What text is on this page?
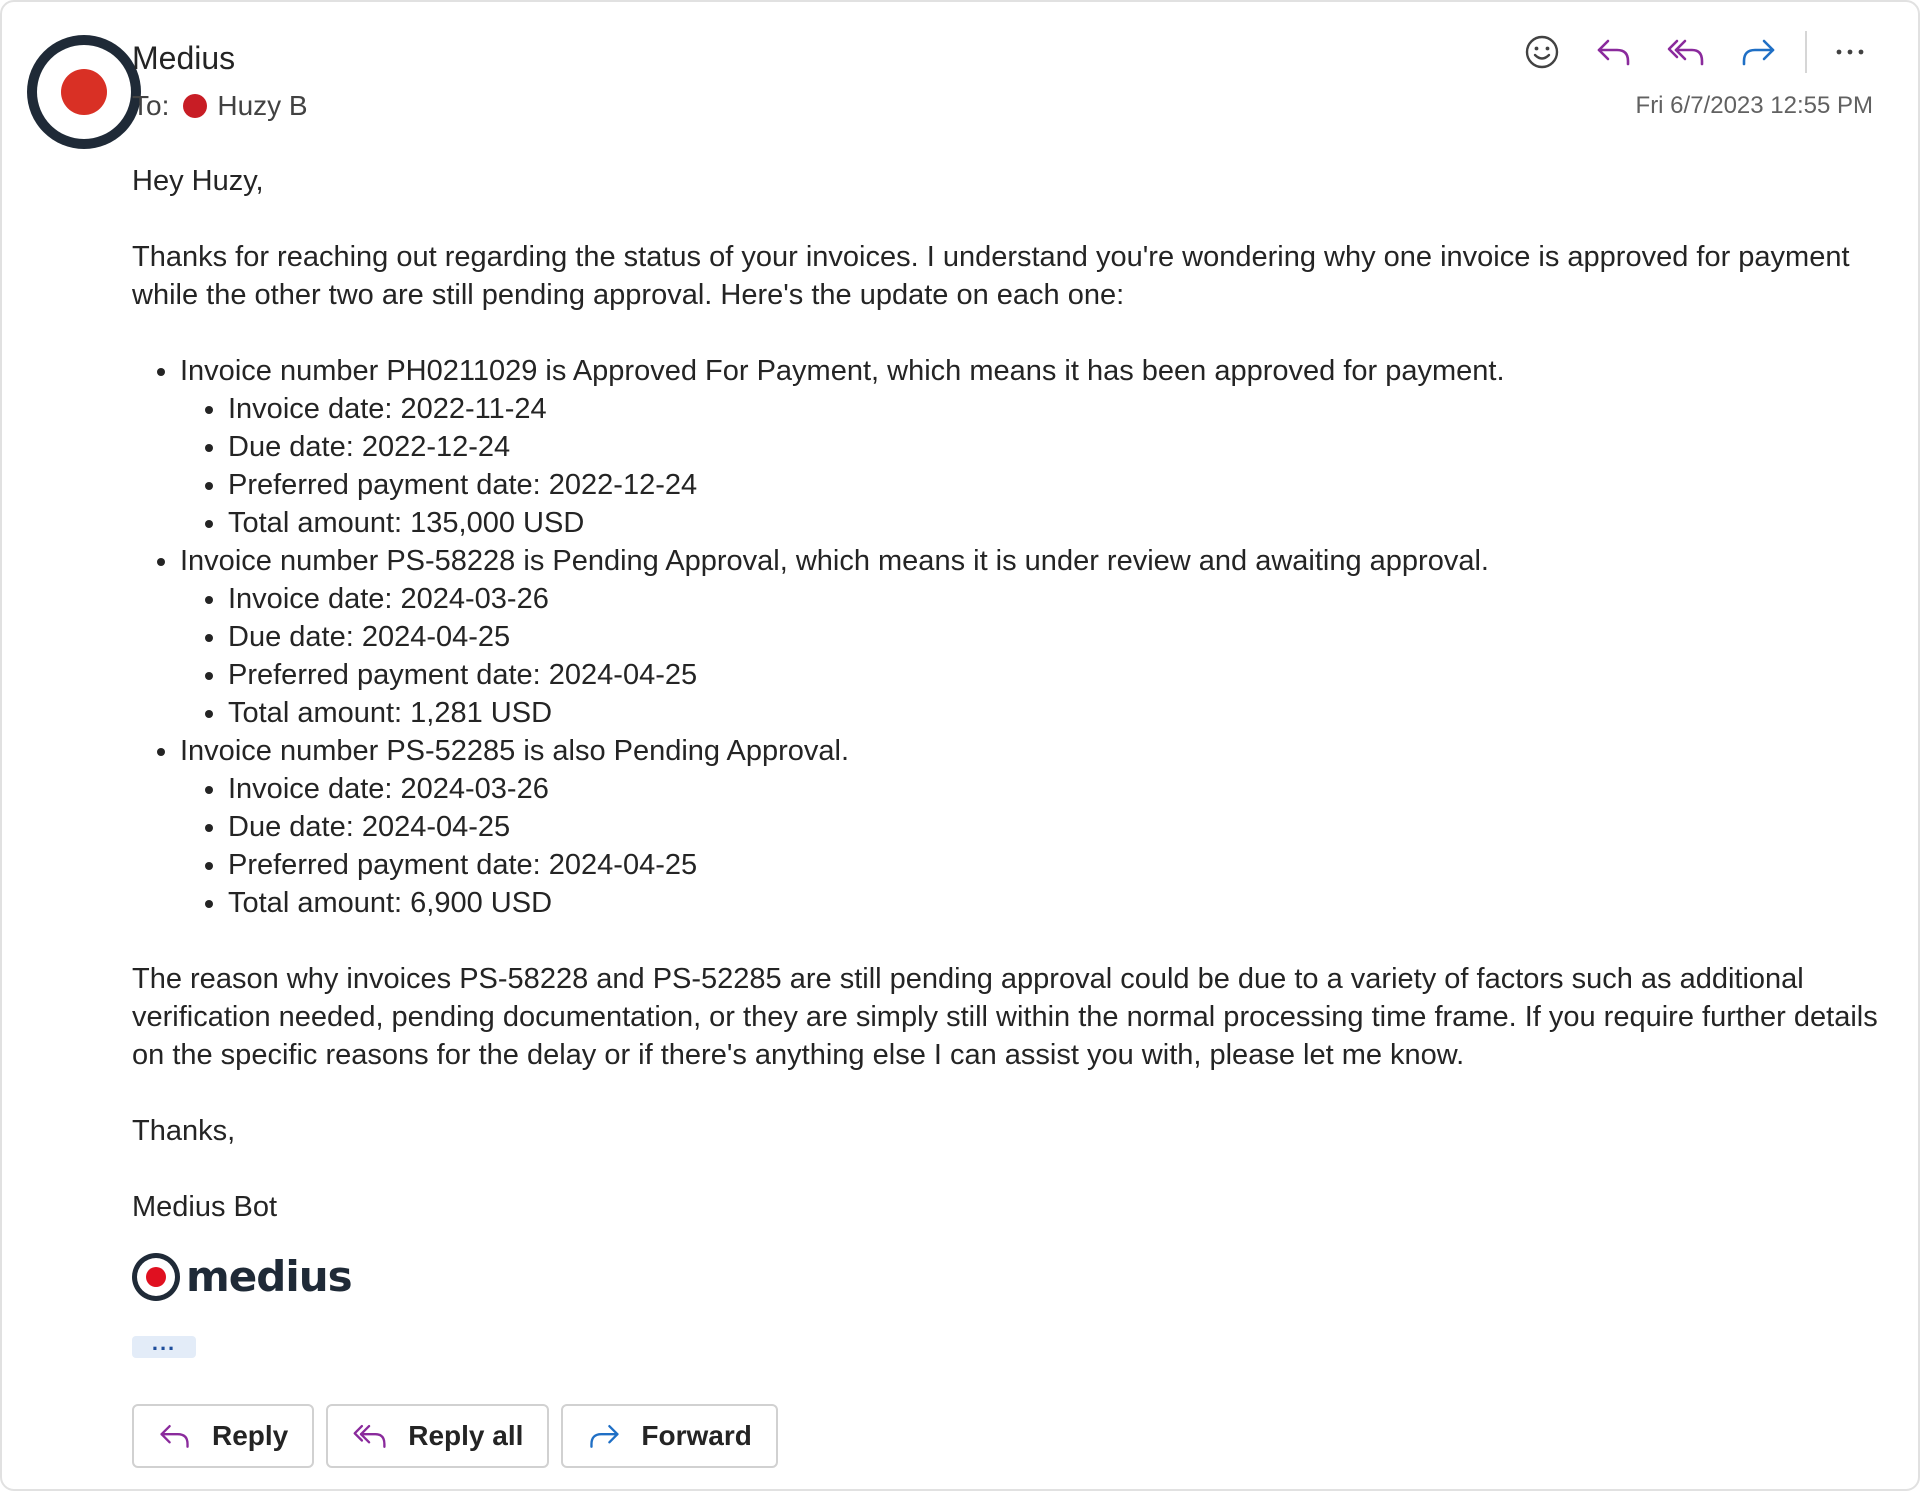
Medius
To: Huzy B	Fri 6/7/2023 12:55 PM

Hey Huzy,

Thanks for reaching out regarding the status of your invoices. I understand you're wondering why one invoice is approved for payment while the other two are still pending approval. Here's the update on each one:

• Invoice number PH0211029 is Approved For Payment, which means it has been approved for payment.
• Invoice date: 2022-11-24
• Due date: 2022-12-24
• Preferred payment date: 2022-12-24
• Total amount: 135,000 USD
• Invoice number PS-58228 is Pending Approval, which means it is under review and awaiting approval.
• Invoice date: 2024-03-26
• Due date: 2024-04-25
• Preferred payment date: 2024-04-25
• Total amount: 1,281 USD
• Invoice number PS-52285 is also Pending Approval.
• Invoice date: 2024-03-26
• Due date: 2024-04-25
• Preferred payment date: 2024-04-25
• Total amount: 6,900 USD

The reason why invoices PS-58228 and PS-52285 are still pending approval could be due to a variety of factors such as additional verification needed, pending documentation, or they are simply still within the normal processing time frame. If you require further details on the specific reasons for the delay or if there's anything else I can assist you with, please let me know.

Thanks,

Medius Bot

medius
...
Reply	Reply all	Forward
